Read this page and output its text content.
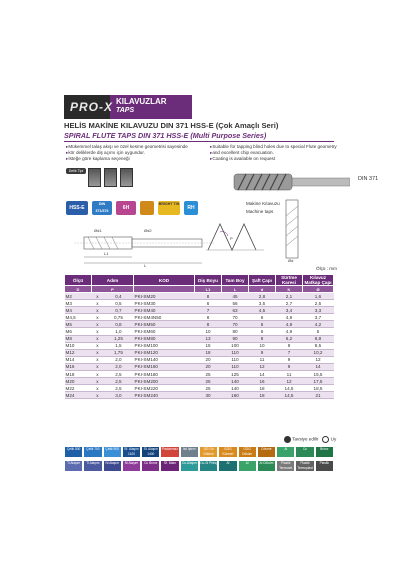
PRO-X KILAVUZLAR
TAPS
HELİS MAKİNE KILAVUZU DIN 371 HSS-E (Çok Amaçlı Seri)
SPIRAL FLUTE TAPS DIN 371 HSS-E (Multi Purpose Series)
▸ Mükemmel talaş akışı ve özel kesme geometrisi sayesinde
▸ kör deliklerde diş açımı için uygundur.
▸ İsteğe göre kaplama seçeneği
▸ Suitable for tapping blind holes due to special Flute geometry
▸ and excellent chip evacuation.
▸ Coating is available on request
Delik Tipi
DIN 371
HSS-E
DIN 371/376	6H
BRIGHT TiN
RH
Makine Kılavuzu
Machine taps
L1
L
Ød1	Ød2
P
Ød
Ölçü : mm
Ölçü	Adım		KOD	Diş Boyu	Tam Boy	Şaft Çapı	Sürtme Karesi	Kılavuz Matkap Çapı
D	P			L1	L	d	K	Ø
M2	x	0,4	PKI-SM20	8	45	2,8	2,1	1,6
M3	x	0,5	PKI-SM30	6	56	3,5	2,7	2,5
M4	x	0,7	PKI-SM40	7	63	4,5	3,4	3,3
M4,5	x	0,75	PKI-SM4N50	8	70	6	4,9	3,7
M5	x	0,8	PKI-SM50	8	70	6	4,9	4,2
M6	x	1,0	PKI-SM60	10	80	6	4,9	5
M8	x	1,25	PKI-SM80	13	90	8	6,2	6,8
M10	x	1,5	PKI-SM100	15	100	10	8	8,5
M12	x	1,75	PKI-SM120	18	110	9	7	10,2
M14	x	2,0	PKI-SM140	20	110	11	9	12
M16	x	2,0	PKI-SM160	20	110	12	9	14
M18	x	2,5	PKI-SM180	25	125	14	11	15,5
M20	x	2,5	PKI-SM200	25	140	16	12	17,5
M22	x	2,5	PKI-SM220	25	140	18	14,5	18,5
M24	x	3,0	PKI-SM240	30	160	18	14,5	21
Tavsiye edilir	Uy
Çelik 500	Çelik 700	Çelik 900	Sf. Alaşım 1100
Sf. Alaşım 1400
Paslanmaz	Isıl İşlem	GG Gri Döküm
GGG Küresel
GGG Döküm
Dövme	Al	Cu	Bronz
Ti Alaşım	Ti Alaşım	Ni Alaşım	Ni Alaşım	Cu Bronz	Sf. Bakır	Cu-Alaşım	Cu-Si Pirinç	Al	Al	Al Döküm	Plastik Termoset
Plastik Termoplast
Plastik
